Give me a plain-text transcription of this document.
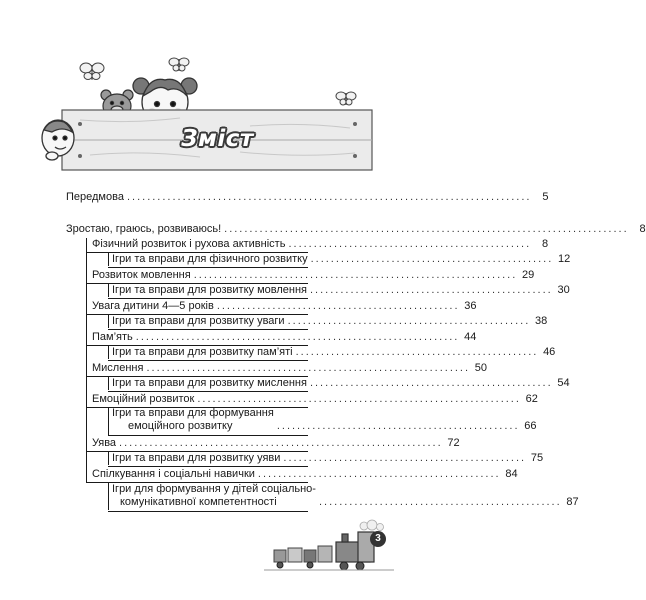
Зміст
Передмова ................................................................................ 5
Зростаю, граюсь, розвиваюсь! ................................................................................ 8
Фізичний розвиток і рухова активність ................................................ 8
Ігри та вправи для фізичного розвитку ................................................ 12
Розвиток мовлення ................................................................ 29
Ігри та вправи для розвитку мовлення ................................................ 30
Увага дитини 4—5 років ................................................ 36
Ігри та вправи для розвитку уваги ................................................ 38
Пам’ять ................................................................ 44
Ігри та вправи для розвитку пам’яті ................................................ 46
Мислення ................................................................ 50
Ігри та вправи для розвитку мислення ................................................ 54
Емоційний розвиток ................................................................ 62
Ігри та вправи для формування
емоційного розвитку	................................................ 66
Уява ................................................................ 72
Ігри та вправи для розвитку уяви ................................................ 75
Спілкування і соціальні навички ................................................ 84
Ігри для формування у дітей соціально-
комунікативної компетентності	................................................ 87
3
